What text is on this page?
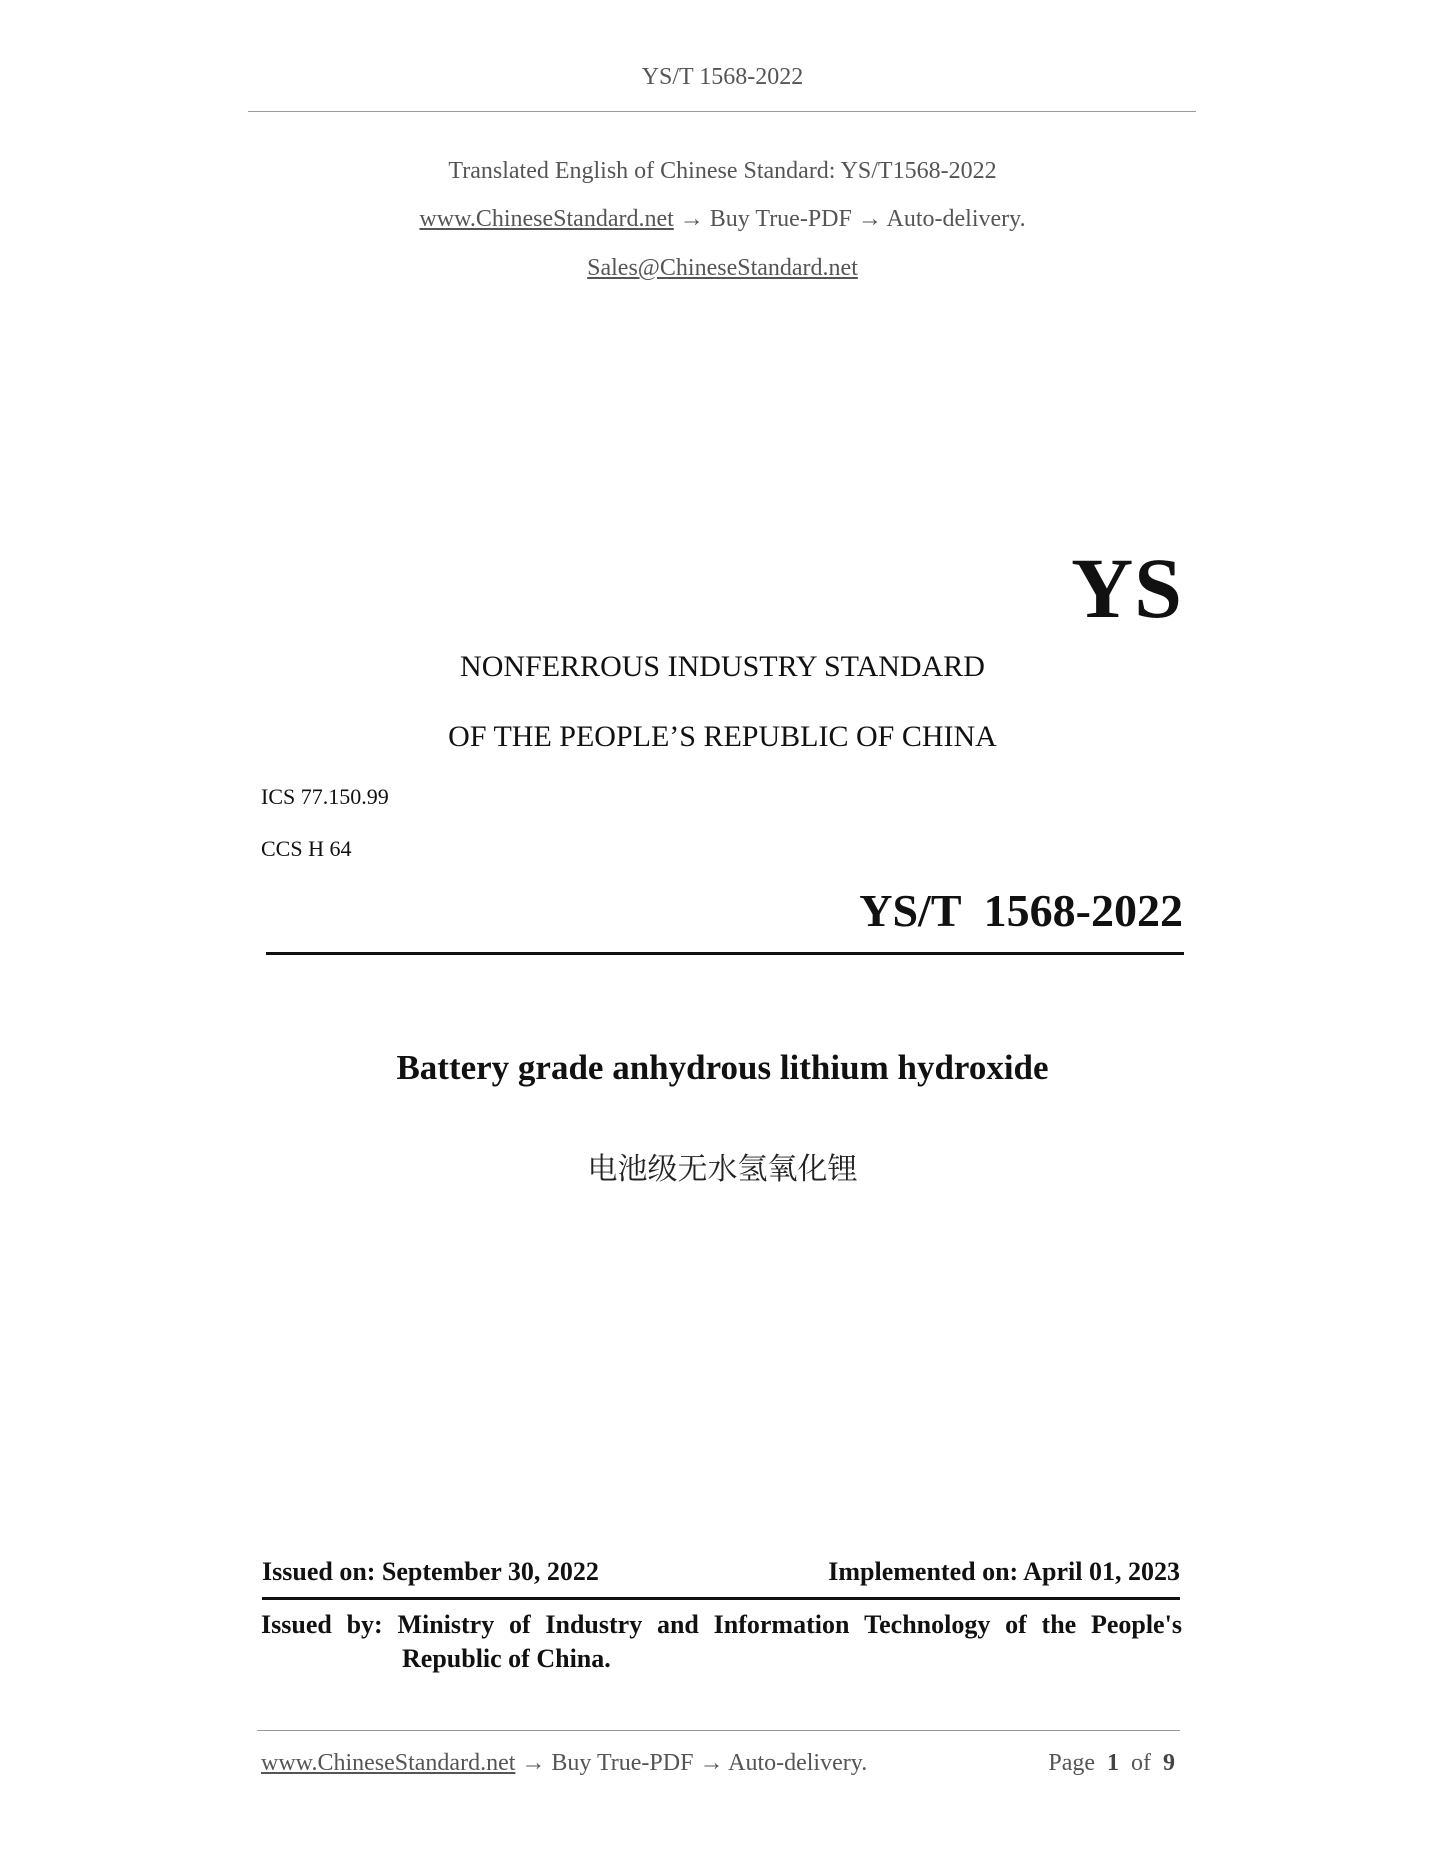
YS/T 1568-2022
Translated English of Chinese Standard: YS/T1568-2022
www.ChineseStandard.net → Buy True-PDF → Auto-delivery.
Sales@ChineseStandard.net
YS
NONFERROUS INDUSTRY STANDARD
OF THE PEOPLE’S REPUBLIC OF CHINA
ICS 77.150.99
CCS H 64
YS/T  1568-2022
Battery grade anhydrous lithium hydroxide
电池级无水氢氧化锂
Issued on: September 30, 2022	Implemented on: April 01, 2023
Issued by: Ministry of Industry and Information Technology of the People's
Republic of China.
www.ChineseStandard.net → Buy True-PDF → Auto-delivery.	Page  1  of  9
